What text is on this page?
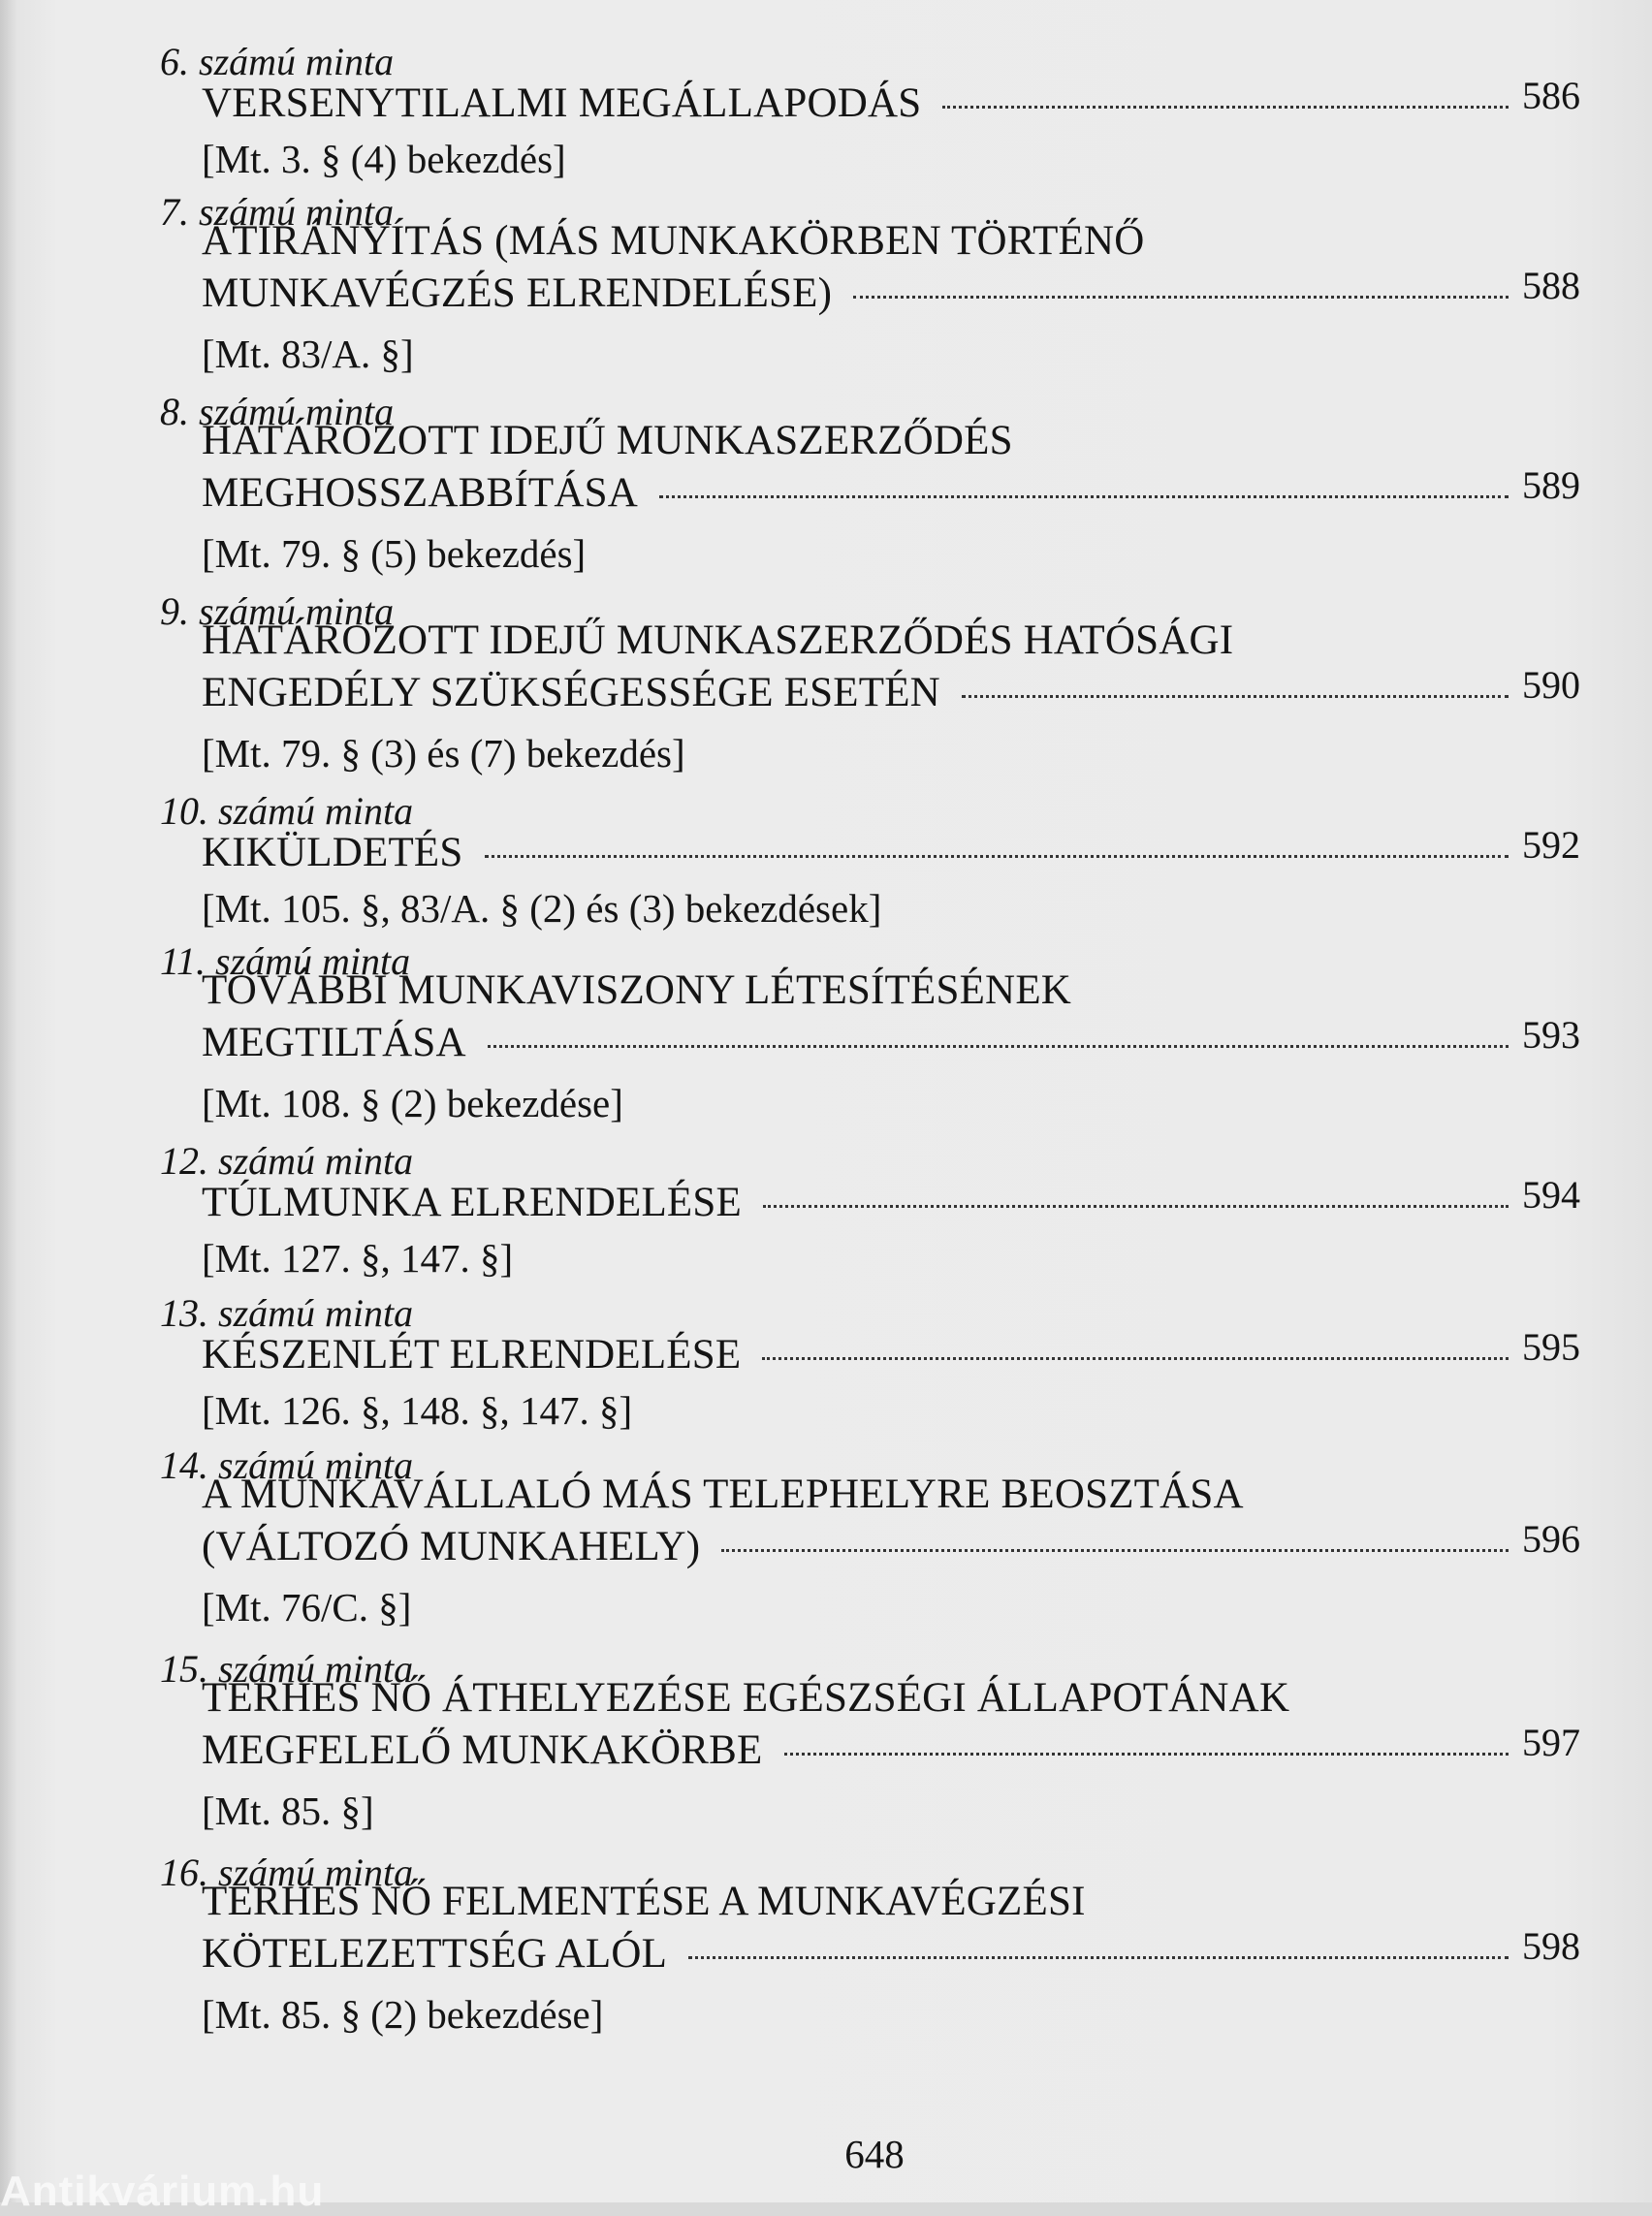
6. számú minta
VERSENYTILALMI MEGÁLLAPODÁS	586
[Mt. 3. § (4) bekezdés]
7. számú minta
ÁTIRÁNYÍTÁS (MÁS MUNKAKÖRBEN TÖRTÉNŐ
MUNKAVÉGZÉS ELRENDELÉSE)	588
[Mt. 83/A. §]
8. számú minta
HATÁROZOTT IDEJŰ MUNKASZERZŐDÉS
MEGHOSSZABBÍTÁSA	589
[Mt. 79. § (5) bekezdés]
9. számú minta
HATÁROZOTT IDEJŰ MUNKASZERZŐDÉS HATÓSÁGI
ENGEDÉLY SZÜKSÉGESSÉGE ESETÉN	590
[Mt. 79. § (3) és (7) bekezdés]
10. számú minta
KIKÜLDETÉS	592
[Mt. 105. §, 83/A. § (2) és (3) bekezdések]
11. számú minta
TOVÁBBI MUNKAVISZONY LÉTESÍTÉSÉNEK
MEGTILTÁSA	593
[Mt. 108. § (2) bekezdése]
12. számú minta
TÚLMUNKA ELRENDELÉSE	594
[Mt. 127. §, 147. §]
13. számú minta
KÉSZENLÉT ELRENDELÉSE	595
[Mt. 126. §, 148. §, 147. §]
14. számú minta
A MUNKAVÁLLALÓ MÁS TELEPHELYRE BEOSZTÁSA
(VÁLTOZÓ MUNKAHELY)	596
[Mt. 76/C. §]
15. számú minta
TERHES NŐ ÁTHELYEZÉSE EGÉSZSÉGI ÁLLAPOTÁNAK
MEGFELELŐ MUNKAKÖRBE	597
[Mt. 85. §]
16. számú minta
TERHES NŐ FELMENTÉSE A MUNKAVÉGZÉSI
KÖTELEZETTSÉG ALÓL	598
[Mt. 85. § (2) bekezdése]
648
Antikvárium.hu
